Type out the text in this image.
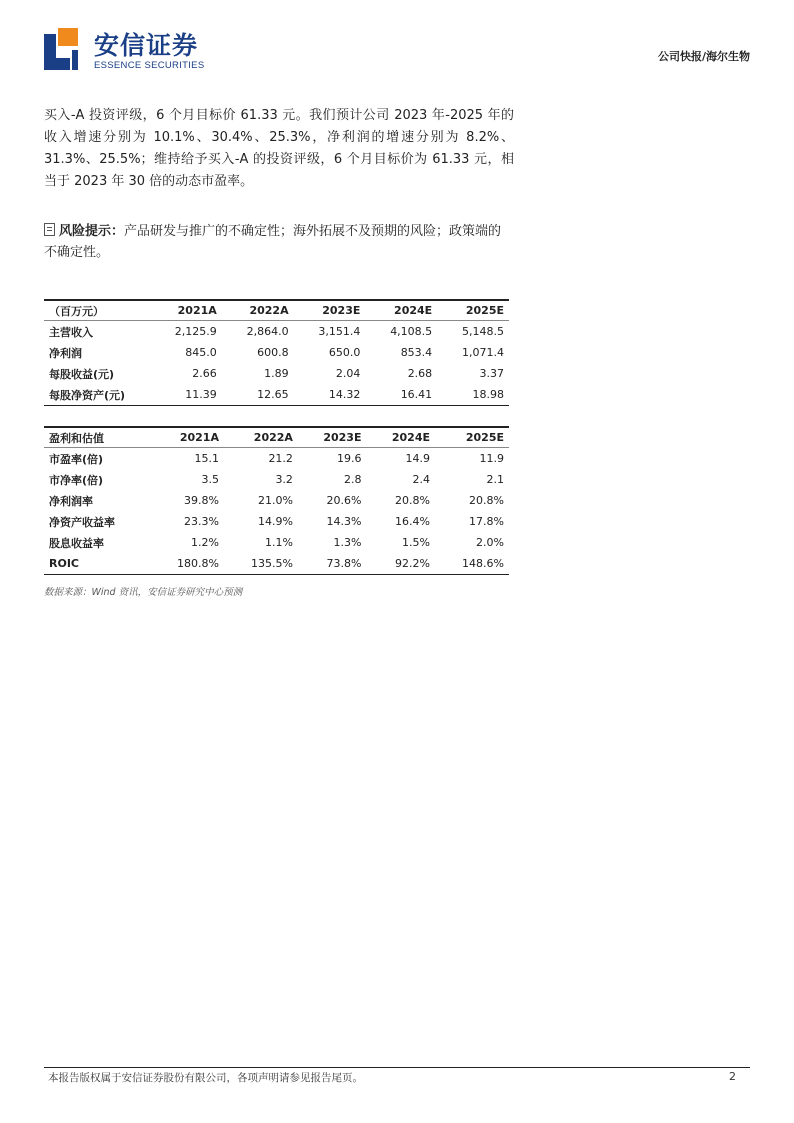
安信证券
ESSENCE SECURITIES
公司快报/海尔生物
买入-A 投资评级，6 个月目标价 61.33 元。我们预计公司 2023 年-2025 年的收入增速分别为 10.1%、30.4%、25.3%，净利润的增速分别为 8.2%、31.3%、25.5%；维持给予买入-A 的投资评级，6 个月目标价为 61.33 元，相当于 2023 年 30 倍的动态市盈率。
风险提示：产品研发与推广的不确定性；海外拓展不及预期的风险；政策端的不确定性。
（百万元）	2021A	2022A	2023E	2024E	2025E
主营收入	2,125.9	2,864.0	3,151.4	4,108.5	5,148.5
净利润	845.0	600.8	650.0	853.4	1,071.4
每股收益(元)	2.66	1.89	2.04	2.68	3.37
每股净资产(元)	11.39	12.65	14.32	16.41	18.98
盈利和估值	2021A	2022A	2023E	2024E	2025E
市盈率(倍)	15.1	21.2	19.6	14.9	11.9
市净率(倍)	3.5	3.2	2.8	2.4	2.1
净利润率	39.8%	21.0%	20.6%	20.8%	20.8%
净资产收益率	23.3%	14.9%	14.3%	16.4%	17.8%
股息收益率	1.2%	1.1%	1.3%	1.5%	2.0%
ROIC	180.8%	135.5%	73.8%	92.2%	148.6%
数据来源：Wind 资讯，安信证券研究中心预测
本报告版权属于安信证券股份有限公司，各项声明请参见报告尾页。	2
